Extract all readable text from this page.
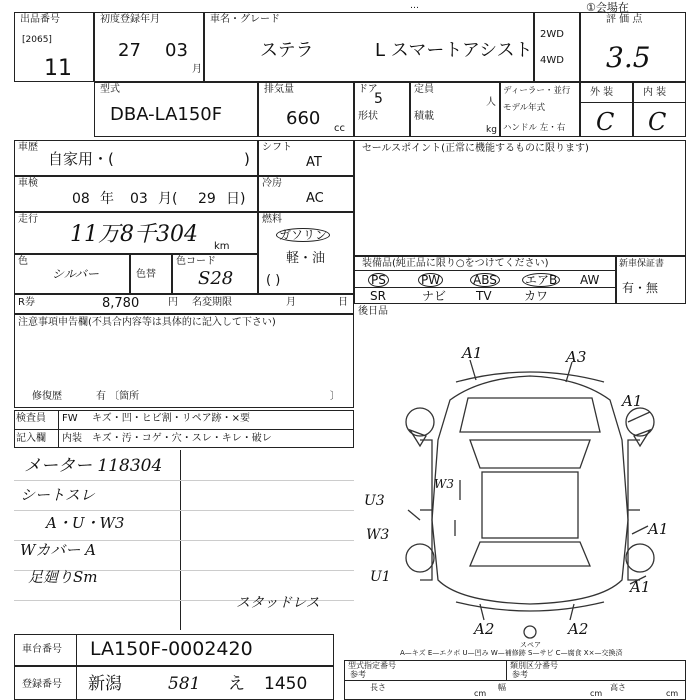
…	①会場在
出品番号
[2065]
11
初度登録年月
27 03
月
車名・グレード
ステラ	L スマートアシスト
2WD
4WD
評 価 点
3.5
型式
DBA-LA150F
排気量
660 cc
ドア
5
形状
定員
人
積載
kg
ディーラー・並行
モデル年式
ハンドル 左・右
外 装	内 装
C C
車歴
自家用・(	)
シフト
AT
車検
08 年 03 月( 29 日)
冷房
AC
走行
11万8千304 km
燃料
ガソリン
軽・油
( )
色
シルバー	色替
色コード
S28
R券	8,780	円 名変期限	月	日
注意事項申告欄(不具合内容等は具体的に記入して下さい)
修復歴	有 〔箇所	〕
検査員
記入欄
FW キズ・凹・ヒビ割・リペア跡・×要
内装 キズ・汚・コゲ・穴・スレ・キレ・破レ
メーター 118304
シートスレ
A・U・W3
Wカバー A
足廻りSm
スタッドレス
セールスポイント(正常に機能するものに限ります)
装備品(純正品に限り○をつけてください)
PS	PW	ABS エアB AW
SR	ナビ TV	カワ
新車保証書
有・無
後日品
A1	A3
A1
W3
U3
W3	A1
U1
A1
A2	A2
スペア
A—キズ E—エクボ U—凹み W—補修跡 S—サビ C—腐食 X×—交換済
車台番号 LA150F-0002420
登録番号 新潟	581 え 1450
型式指定番号
参考
類別区分番号
参考
長さ
cm
幅
cm
高さ
cm
